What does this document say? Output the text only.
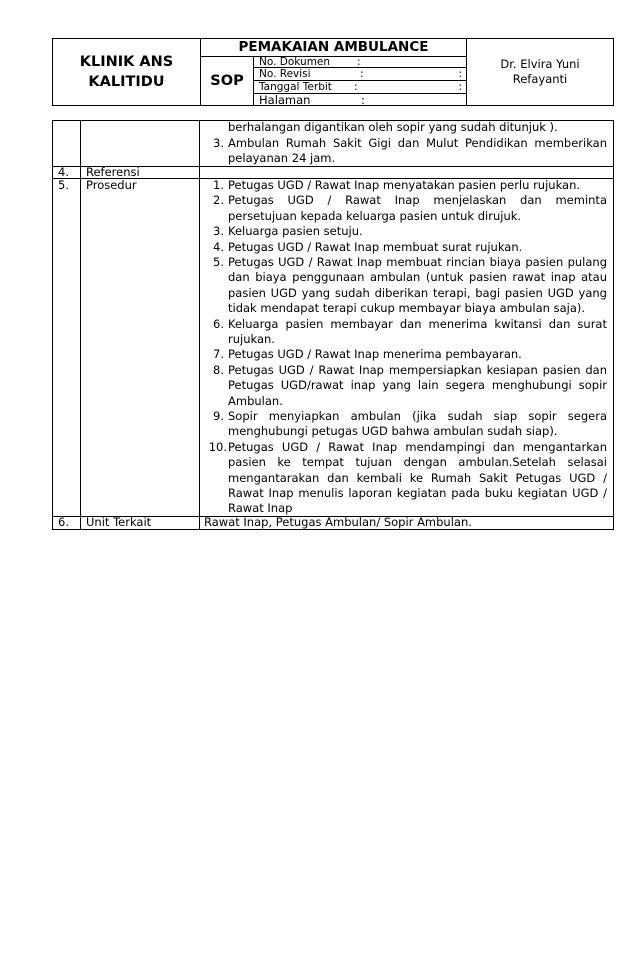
KLINIK ANS
KALITIDU
PEMAKAIAN AMBULANCE
SOP
No. Dokumen	:
No. Revisi	:	:
Tanggal Terbit :	:
Halaman	:
Dr. Elvira Yuni
Refayanti
berhalangan digantikan oleh sopir yang sudah ditunjuk ).
3. Ambulan Rumah Sakit Gigi dan Mulut Pendidikan memberikan
pelayanan 24 jam.
4. Referensi
5. Prosedur	1. Petugas UGD / Rawat Inap menyatakan pasien perlu rujukan.
2. Petugas UGD / Rawat Inap menjelaskan dan meminta
persetujuan kepada keluarga pasien untuk dirujuk.
3. Keluarga pasien setuju.
4. Petugas UGD / Rawat Inap membuat surat rujukan.
5. Petugas UGD / Rawat Inap membuat rincian biaya pasien pulang
dan biaya penggunaan ambulan (untuk pasien rawat inap atau
pasien UGD yang sudah diberikan terapi, bagi pasien UGD yang
tidak mendapat terapi cukup membayar biaya ambulan saja).
6. Keluarga pasien membayar dan menerima kwitansi dan surat
rujukan.
7. Petugas UGD / Rawat Inap menerima pembayaran.
8. Petugas UGD / Rawat Inap mempersiapkan kesiapan pasien dan
Petugas UGD/rawat inap yang lain segera menghubungi sopir
Ambulan.
9. Sopir menyiapkan ambulan (jika sudah siap sopir segera
menghubungi petugas UGD bahwa ambulan sudah siap).
10. Petugas UGD / Rawat Inap mendampingi dan mengantarkan
pasien ke tempat tujuan dengan ambulan.Setelah selasai
mengantarakan dan kembali ke Rumah Sakit Petugas UGD /
Rawat Inap menulis laporan kegiatan pada buku kegiatan UGD /
Rawat Inap
6. Unit Terkait	Rawat Inap, Petugas Ambulan/ Sopir Ambulan.
